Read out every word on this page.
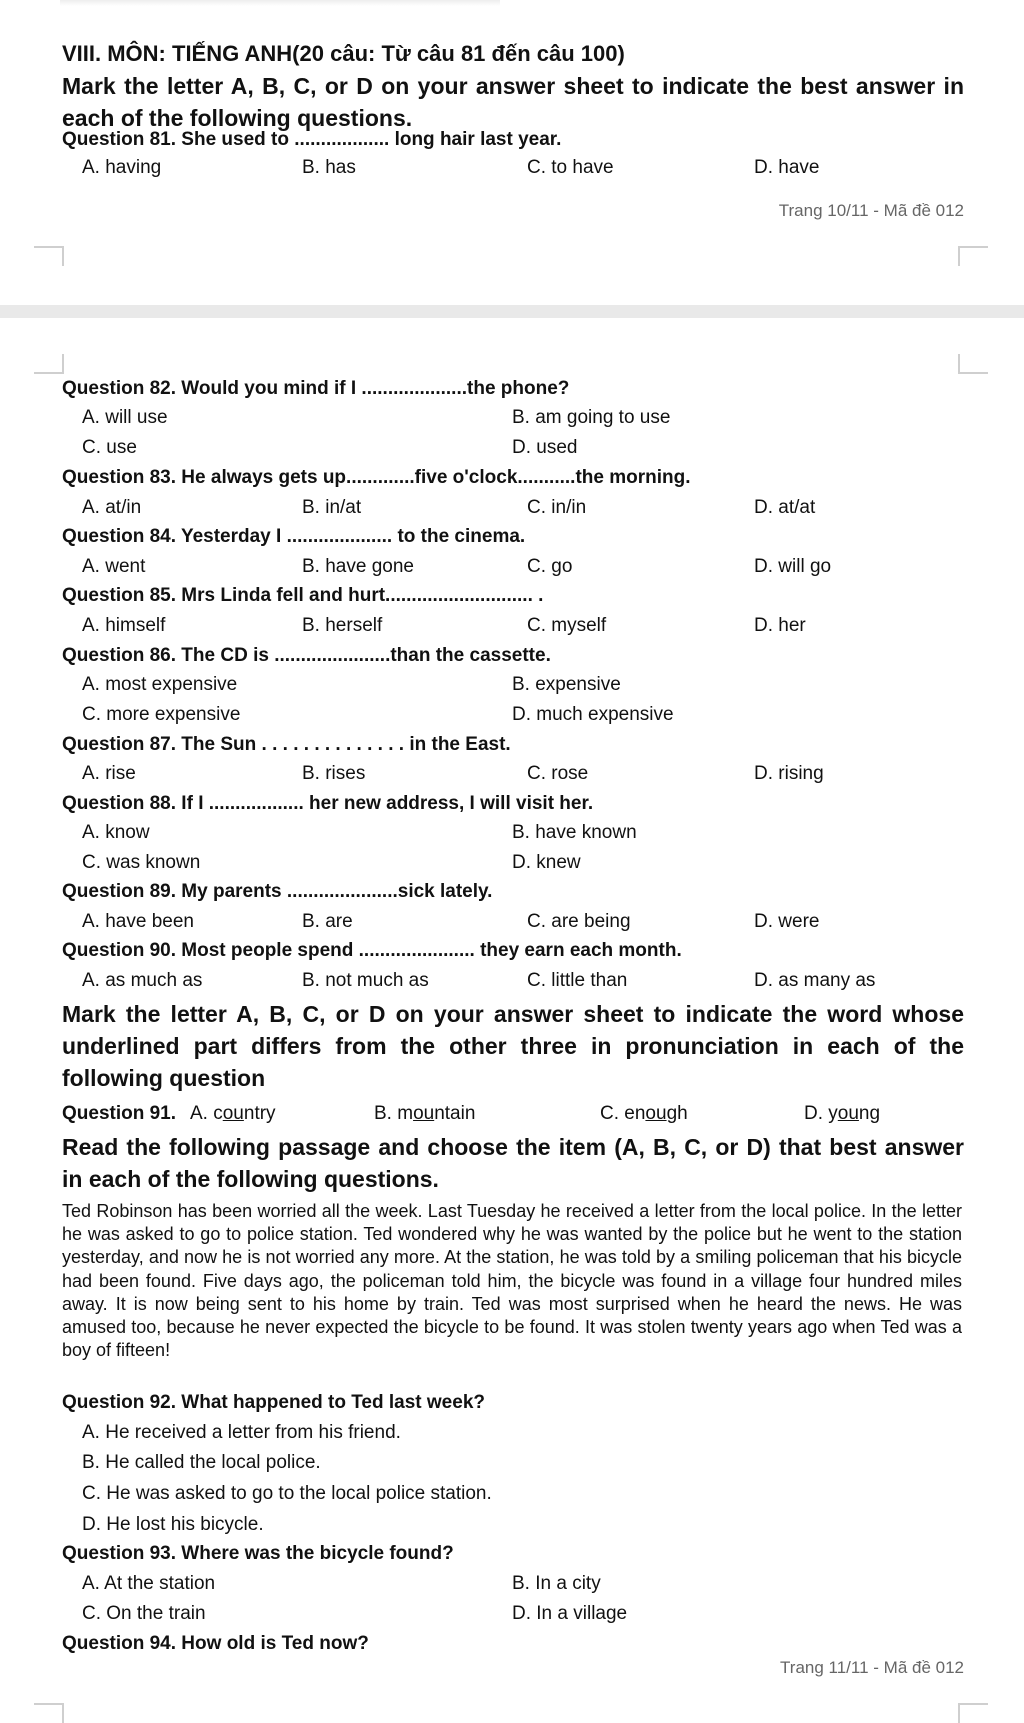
VIII. MÔN: TIẾNG ANH(20 câu: Từ câu 81 đến câu 100)
Mark the letter A, B, C, or D on your answer sheet to indicate the best answer in each of the following questions.
Question 81. She used to .................. long hair last year.
A. having	B. has	C. to have	D. have
Trang 10/11 - Mã đề 012
Question 82. Would you mind if I ....................the phone?
A. will use	B. am going to use
C. use	D. used
Question 83. He always gets up.............five o'clock...........the morning.
A. at/in	B. in/at	C. in/in	D. at/at
Question 84. Yesterday I .................... to the cinema.
A. went	B. have gone	C. go	D. will go
Question 85. Mrs Linda fell and hurt............................ .
A. himself	B. herself	C. myself	D. her
Question 86. The CD is ......................than the cassette.
A. most expensive	B. expensive
C. more expensive	D. much expensive
Question 87. The Sun . . . . . . . . . . . . . . in the East.
A. rise	B. rises	C. rose	D. rising
Question 88. If I .................. her new address, I will visit her.
A. know	B. have known
C. was known	D. knew
Question 89. My parents .....................sick lately.
A. have been	B. are	C. are being	D. were
Question 90. Most people spend ...................... they earn each month.
A. as much as	B. not much as	C. little than	D. as many as
Mark the letter A, B, C, or D on your answer sheet to indicate the word whose underlined part differs from the other three in pronunciation in each of the following question
Question 91. A. country	B. mountain	C. enough	D. young
Read the following passage and choose the item (A, B, C, or D) that best answer in each of the following questions.
Ted Robinson has been worried all the week. Last Tuesday he received a letter from the local police. In the letter he was asked to go to police station. Ted wondered why he was wanted by the police but he went to the station yesterday, and now he is not worried any more. At the station, he was told by a smiling policeman that his bicycle had been found. Five days ago, the policeman told him, the bicycle was found in a village four hundred miles away. It is now being sent to his home by train. Ted was most surprised when he heard the news. He was amused too, because he never expected the bicycle to be found. It was stolen twenty years ago when Ted was a boy of fifteen!
Question 92. What happened to Ted last week?
A. He received a letter from his friend.
B. He called the local police.
C. He was asked to go to the local police station.
D. He lost his bicycle.
Question 93. Where was the bicycle found?
A. At the station	B. In a city
C. On the train	D. In a village
Question 94. How old is Ted now?
Trang 11/11 - Mã đề 012
